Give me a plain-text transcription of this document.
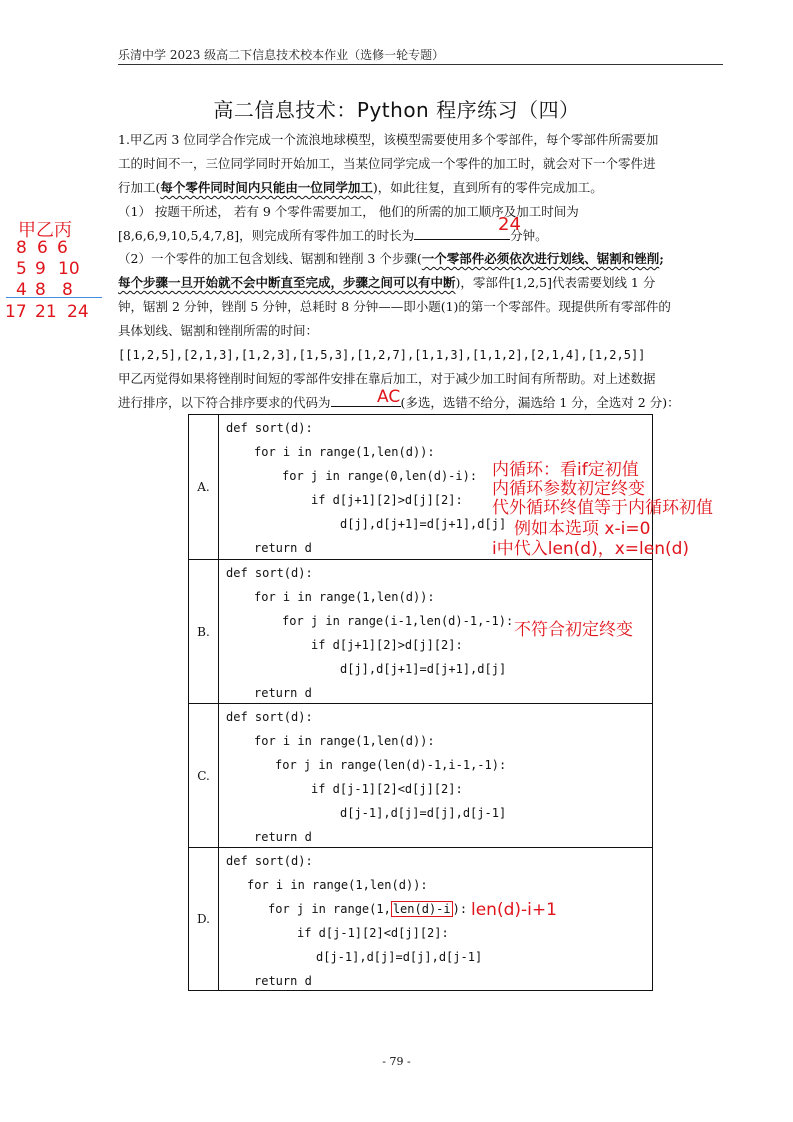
乐清中学 2023 级高二下信息技术校本作业（选修一轮专题）
高二信息技术：Python 程序练习（四）
1.甲乙丙 3 位同学合作完成一个流浪地球模型，该模型需要使用多个零部件，每个零部件所需要加
工的时间不一，三位同学同时开始加工，当某位同学完成一个零件的加工时，就会对下一个零件进
行加工(每个零件同时间内只能由一位同学加工)，如此往复，直到所有的零件完成加工。
（1） 按题干所述， 若有 9 个零件需要加工， 他们的所需的加工顺序及加工时间为
[8,6,6,9,10,5,4,7,8]，则完成所有零件加工的时长为	分钟。
（2）一个零件的加工包含划线、锯割和锉削 3 个步骤(一个零部件必须依次进行划线、锯割和锉削;
每个步骤一旦开始就不会中断直至完成，步骤之间可以有中断)，零部件[1,2,5]代表需要划线 1 分
钟，锯割 2 分钟，锉削 5 分钟，总耗时 8 分钟——即小题(1)的第一个零部件。现提供所有零部件的
具体划线、锯割和锉削所需的时间：
[[1,2,5],[2,1,3],[1,2,3],[1,5,3],[1,2,7],[1,1,3],[1,1,2],[2,1,4],[1,2,5]]
甲乙丙觉得如果将锉削时间短的零部件安排在靠后加工，对于减少加工时间有所帮助。对上述数据
进行排序，以下符合排序要求的代码为	(多选，选错不给分，漏选给 1 分，全选对 2 分)：
A.
def sort(d):
for i in range(1,len(d)):
for j in range(0,len(d)-i):
if d[j+1][2]>d[j][2]:
d[j],d[j+1]=d[j+1],d[j]
return d
B.
def sort(d):
for i in range(1,len(d)):
for j in range(i-1,len(d)-1,-1):
if d[j+1][2]>d[j][2]:
d[j],d[j+1]=d[j+1],d[j]
return d
C.
def sort(d):
for i in range(1,len(d)):
for j in range(len(d)-1,i-1,-1):
if d[j-1][2]<d[j][2]:
d[j-1],d[j]=d[j],d[j-1]
return d
D.
def sort(d):
for i in range(1,len(d)):
for j in range(1, len(d)-i ):
if d[j-1][2]<d[j][2]:
d[j-1],d[j]=d[j],d[j-1]
return d
甲乙丙
8 6 6
5 9 10
4 8 8
17 21 24
24
AC
内循环：看if定初值
内循环参数初定终变
代外循环终值等于内循环初值
例如本选项 x-i=0
i中代入len(d)，x=len(d)
不符合初定终变
len(d)-i+1
- 79 -
